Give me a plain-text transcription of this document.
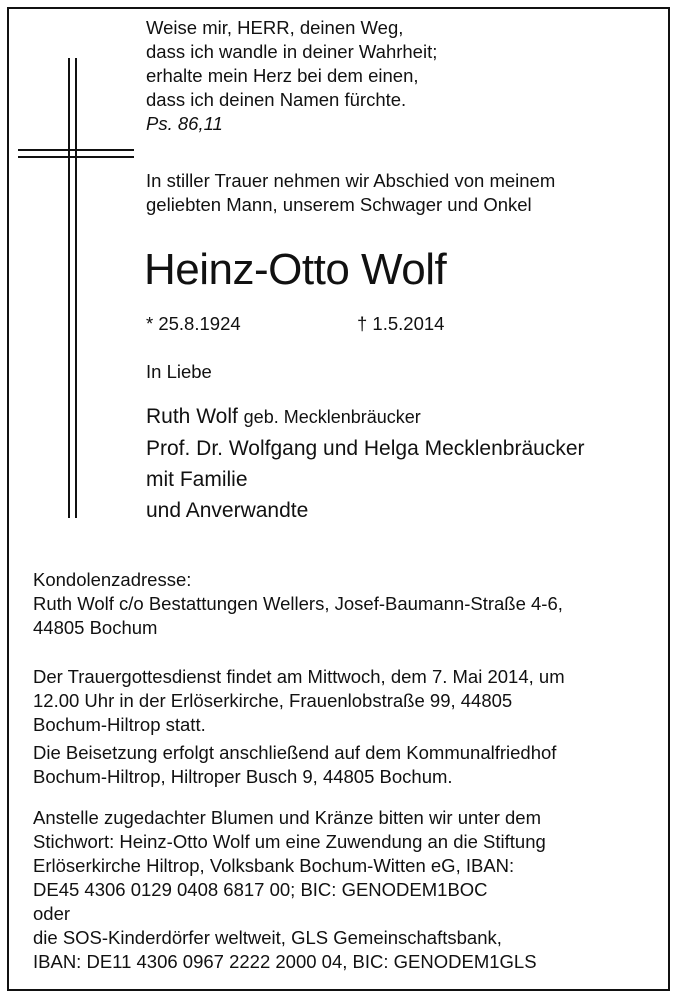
Weise mir, HERR, deinen Weg,
dass ich wandle in deiner Wahrheit;
erhalte mein Herz bei dem einen,
dass ich deinen Namen fürchte.
Ps. 86,11
In stiller Trauer nehmen wir Abschied von meinem
geliebten Mann, unserem Schwager und Onkel
Heinz-Otto Wolf
* 25.8.1924	† 1.5.2014
In Liebe
Ruth Wolf geb. Mecklenbräucker
Prof. Dr. Wolfgang und Helga Mecklenbräucker
mit Familie
und Anverwandte
Kondolenzadresse:
Ruth Wolf c/o Bestattungen Wellers, Josef-Baumann-Straße 4-6,
44805 Bochum
Der Trauergottesdienst findet am Mittwoch, dem 7. Mai 2014, um
12.00 Uhr in der Erlöserkirche, Frauenlobstraße 99, 44805
Bochum-Hiltrop statt.
Die Beisetzung erfolgt anschließend auf dem Kommunalfriedhof
Bochum-Hiltrop, Hiltroper Busch 9, 44805 Bochum.
Anstelle zugedachter Blumen und Kränze bitten wir unter dem
Stichwort: Heinz-Otto Wolf um eine Zuwendung an die Stiftung
Erlöserkirche Hiltrop, Volksbank Bochum-Witten eG, IBAN:
DE45 4306 0129 0408 6817 00; BIC: GENODEM1BOC
oder
die SOS-Kinderdörfer weltweit, GLS Gemeinschaftsbank,
IBAN: DE11 4306 0967 2222 2000 04, BIC: GENODEM1GLS
